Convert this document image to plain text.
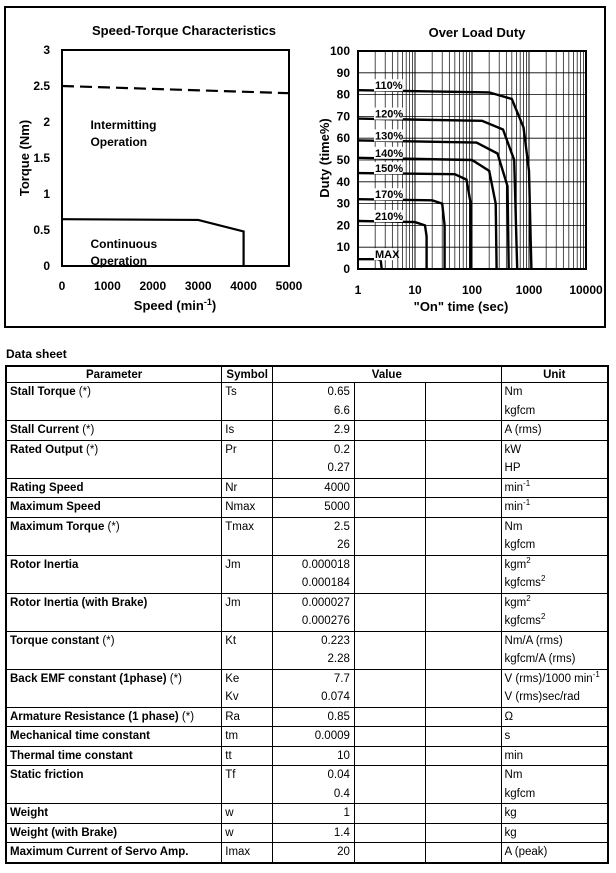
Speed-Torque Characteristics
0
0.5
1
1.5
2
2.5
3
0 1000 2000 3000 4000 5000
Intermitting Operation
Continuous Operation
Speed $(\min^{-1})$
Torque (Nm)
Over Load Duty
0
10
20
30
40
50
60
70
80
90
100
1	10	100	1000 10000
110%
120%
130%
140%
150%
170%
210%
MAX
"On" time (sec)
Duty (time%)
Data sheet
Parameter	Symbol	Value			Unit
Stall Torque (*)	Ts	0.65			Nm
		6.6			kgfcm
Stall Current (*)	Is	2.9			A (rms)
Rated Output (*)	Pr	0.2			kW
		0.27			HP
Rating Speed	Nr	4000			$\min^{-1}$
Maximum Speed	Nmax	5000			$\min^{-1}$
Maximum Torque (*)	Tmax	2.5			Nm
		26			kgfcm
Rotor Inertia	Jm	0.000018			kgm$^2$
		0.000184			kgfcms$^2$
Rotor Inertia (with Brake)	Jm	0.000027			kgm$^2$
		0.000276			kgfcms$^2$
Torque constant (*)	Kt	0.223			Nm/A (rms)
		2.28			kgfcm/A (rms)
Back EMF constant (1phase) (*)	Ke	7.7			V (rms)/1000 $\min^{-1}$
	Kv	0.074			V (rms)sec/rad
Armature Resistance (1 phase) (*)	Ra	0.85			Ω
Mechanical time constant	tm	0.0009			s
Thermal time constant	tt	10			min
Static friction	Tf	0.04			Nm
		0.4			kgfcm
Weight	w	1			kg
Weight (with Brake)	w	1.4			kg
Maximum Current of Servo Amp.	Imax	20			A (peak)
